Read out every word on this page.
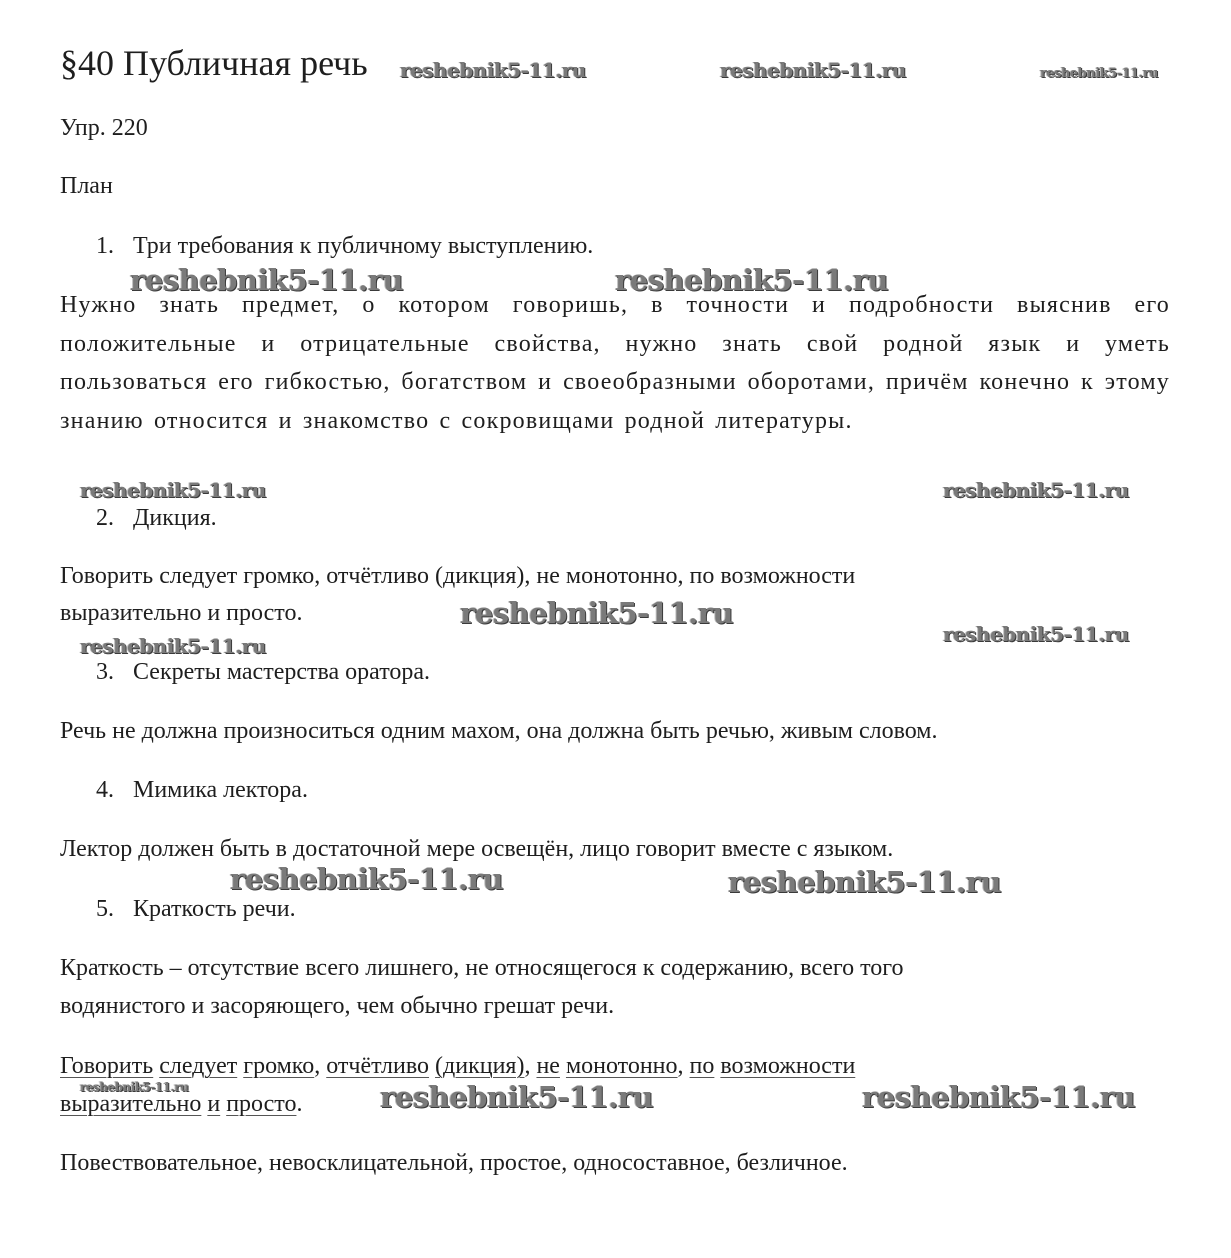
§40 Публичная речь
Упр. 220
План
1. Три требования к публичному выступлению.
Нужно знать предмет, о котором говоришь, в точности и подробности выяснив его положительные и отрицательные свойства, нужно знать свой родной язык и уметь пользоваться его гибкостью, богатством и своеобразными оборотами, причём конечно к этому знанию относится и знакомство с сокровищами родной литературы.
2. Дикция.
Говорить следует громко, отчётливо (дикция), не монотонно, по возможности
выразительно и просто.
3. Секреты мастерства оратора.
Речь не должна произноситься одним махом, она должна быть речью, живым словом.
4. Мимика лектора.
Лектор должен быть в достаточной мере освещён, лицо говорит вместе с языком.
5. Краткость речи.
Краткость – отсутствие всего лишнего, не относящегося к содержанию, всего того
водянистого и засоряющего, чем обычно грешат речи.
Говорить следует громко, отчётливо (дикция), не монотонно, по возможности
выразительно и просто.
Повествовательное, невосклицательной, простое, односоставное, безличное.
reshebnik5-11.ru	reshebnik5-11.ru	reshebnik5-11.ru
reshebnik5-11.ru	reshebnik5-11.ru
reshebnik5-11.ru	reshebnik5-11.ru
reshebnik5-11.ru
reshebnik5-11.ru	reshebnik5-11.ru
reshebnik5-11.ru	reshebnik5-11.ru
reshebnik5-11.ru	reshebnik5-11.ru	reshebnik5-11.ru
